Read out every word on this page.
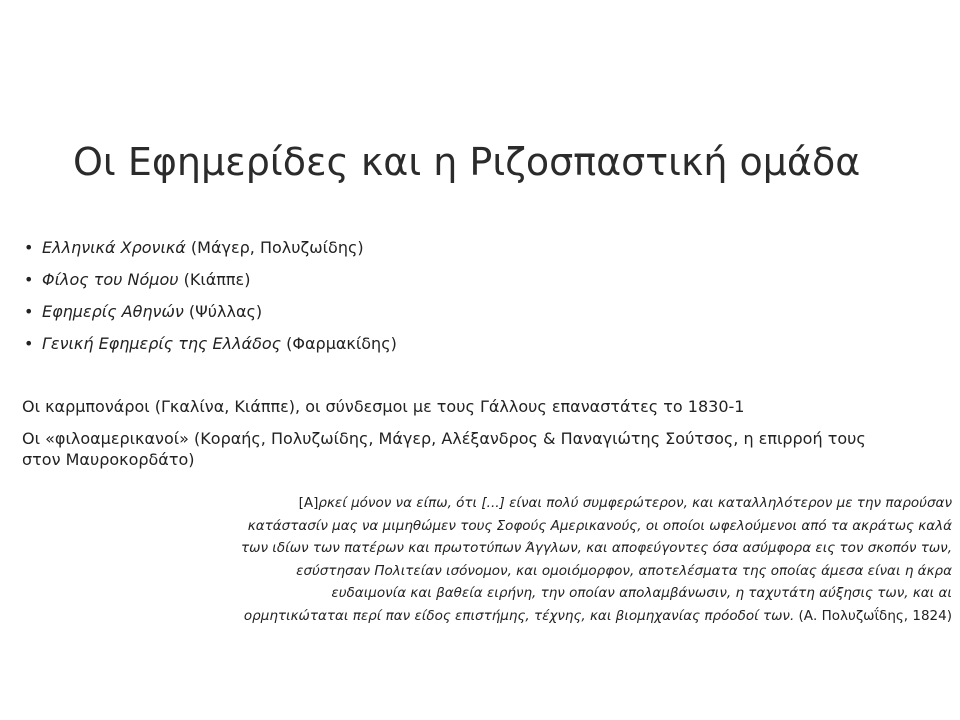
Οι Εφημερίδες και η Ριζοσπαστική ομάδα
• Ελληνικά Χρονικά (Μάγερ, Πολυζωίδης)
• Φίλος του Νόμου (Κιάππε)
• Εφημερίς Αθηνών (Ψύλλας)
• Γενική Εφημερίς της Ελλάδος (Φαρμακίδης)
Οι καρμπονάροι (Γκαλίνα, Κιάππε), οι σύνδεσμοι με τους Γάλλους επαναστάτες το 1830-1
Οι «φιλοαμερικανοί» (Κοραής, Πολυζωίδης, Μάγερ, Αλέξανδρος & Παναγιώτης Σούτσος, η επιρροή τους στον Μαυροκορδάτο)
[Α]ρκεί μόνον να είπω, ότι [...] είναι πολύ συμφερώτερον, και καταλληλότερον με την παρούσαν
κατάστασίν μας να μιμηθώμεν τους Σοφούς Αμερικανούς, οι οποίοι ωφελούμενοι από τα ακράτως καλά
των ιδίων των πατέρων και πρωτοτύπων Άγγλων, και αποφεύγοντες όσα ασύμφορα εις τον σκοπόν των,
εσύστησαν Πολιτείαν ισόνομον, και ομοιόμορφον, αποτελέσματα της οποίας άμεσα είναι η άκρα
ευδαιμονία και βαθεία ειρήνη, την οποίαν απολαμβάνωσιν, η ταχυτάτη αύξησις των, και αι
ορμητικώταται περί παν είδος επιστήμης, τέχνης, και βιομηχανίας πρόοδοί των. (Α. Πολυζωΐδης, 1824)
